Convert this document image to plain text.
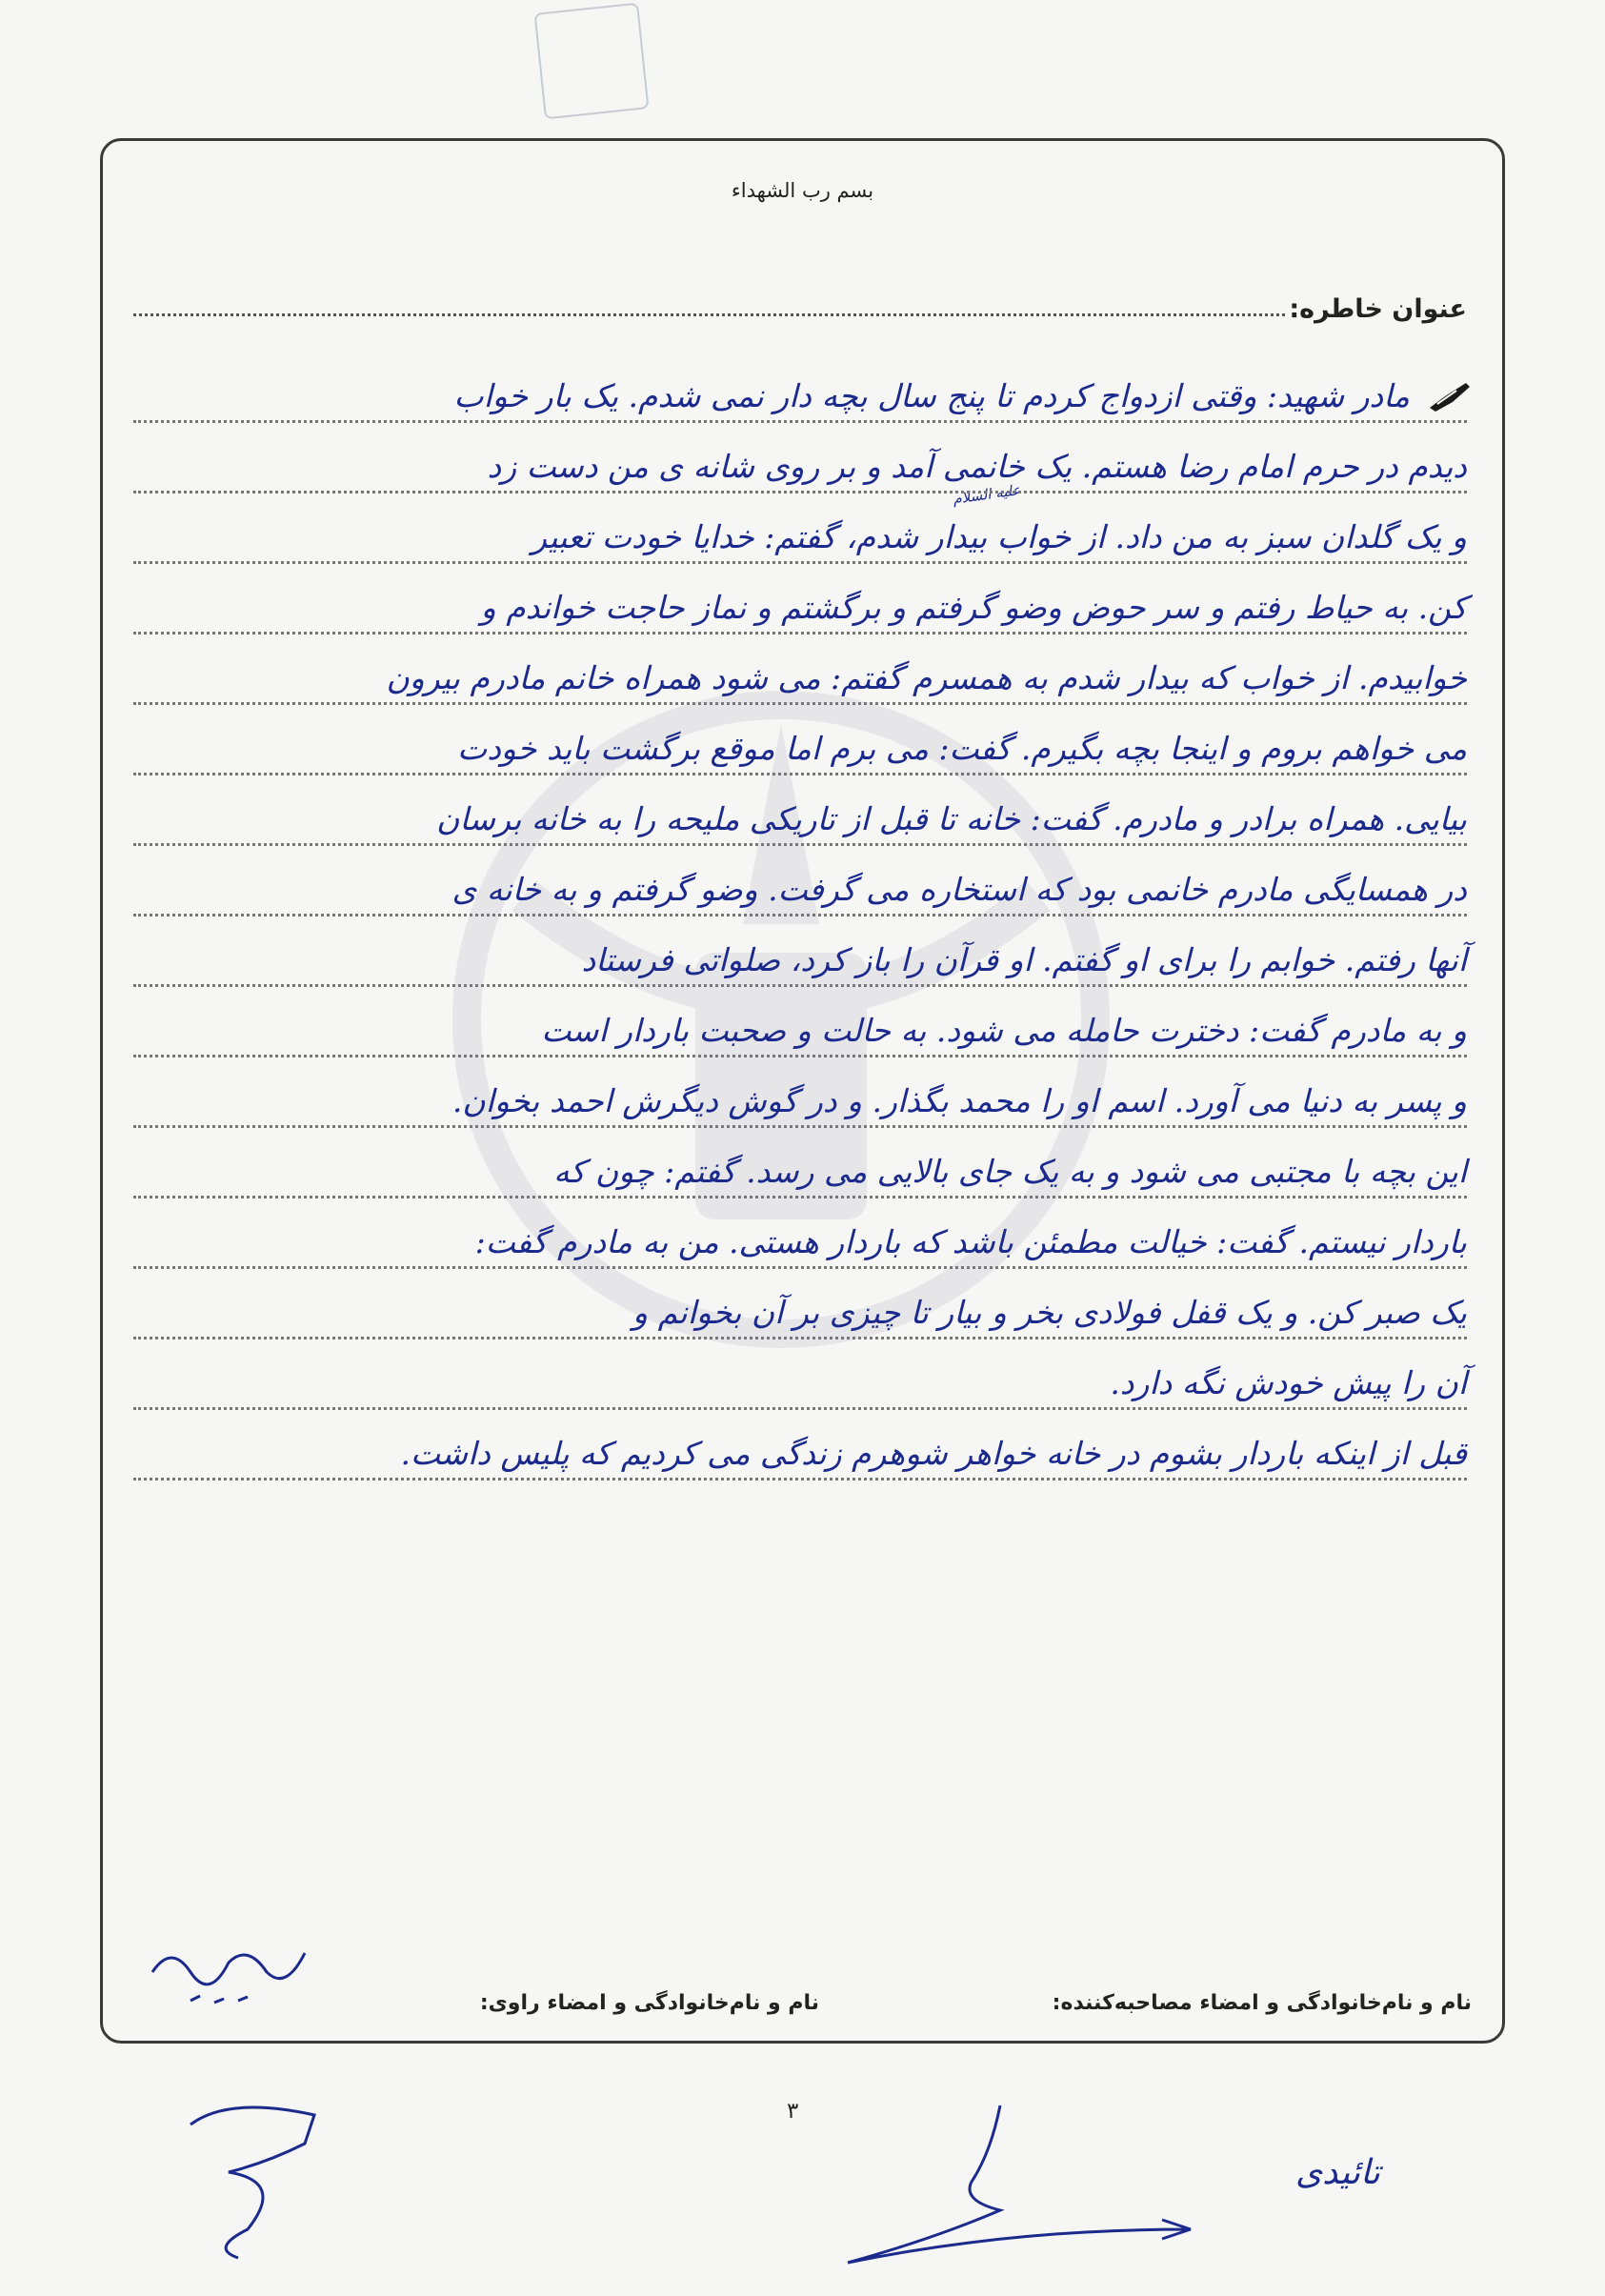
بسم رب الشهداء
عنوان خاطره:
علیه السلام
مادر شهید: وقتی ازدواج کردم تا پنج سال بچه دار نمی شدم. یک بار خواب
دیدم در حرم امام رضا هستم. یک خانمی آمد و بر روی شانه ی من دست زد
و یک گلدان سبز به من داد. از خواب بیدار شدم، گفتم: خدایا خودت تعبیر
کن. به حیاط رفتم و سر حوض وضو گرفتم و برگشتم و نماز حاجت خواندم و
خوابیدم. از خواب که بیدار شدم به همسرم گفتم: می شود همراه خانم مادرم بیرون
می خواهم بروم و اینجا بچه بگیرم. گفت: می برم اما موقع برگشت باید خودت
بیایی. همراه برادر و مادرم. گفت: خانه تا قبل از تاریکی ملیحه را به خانه برسان
در همسایگی مادرم خانمی بود که استخاره می گرفت. وضو گرفتم و به خانه ی
آنها رفتم. خوابم را برای او گفتم. او قرآن را باز کرد، صلواتی فرستاد
و به مادرم گفت: دخترت حامله می شود. به حالت و صحبت باردار است
و پسر به دنیا می آورد. اسم او را محمد بگذار. و در گوش دیگرش احمد بخوان.
این بچه با مجتبی می شود و به یک جای بالایی می رسد. گفتم: چون که
باردار نیستم. گفت: خیالت مطمئن باشد که باردار هستی. من به مادرم گفت:
یک صبر کن. و یک قفل فولادی بخر و بیار تا چیزی بر آن بخوانم و
آن را پیش خودش نگه دارد.
قبل از اینکه باردار بشوم در خانه خواهر شوهرم زندگی می کردیم که پلیس داشت.
نام و نام‌خانوادگی و امضاء مصاحبه‌کننده:
نام و نام‌خانوادگی و امضاء راوی:
۳
تائیدی
